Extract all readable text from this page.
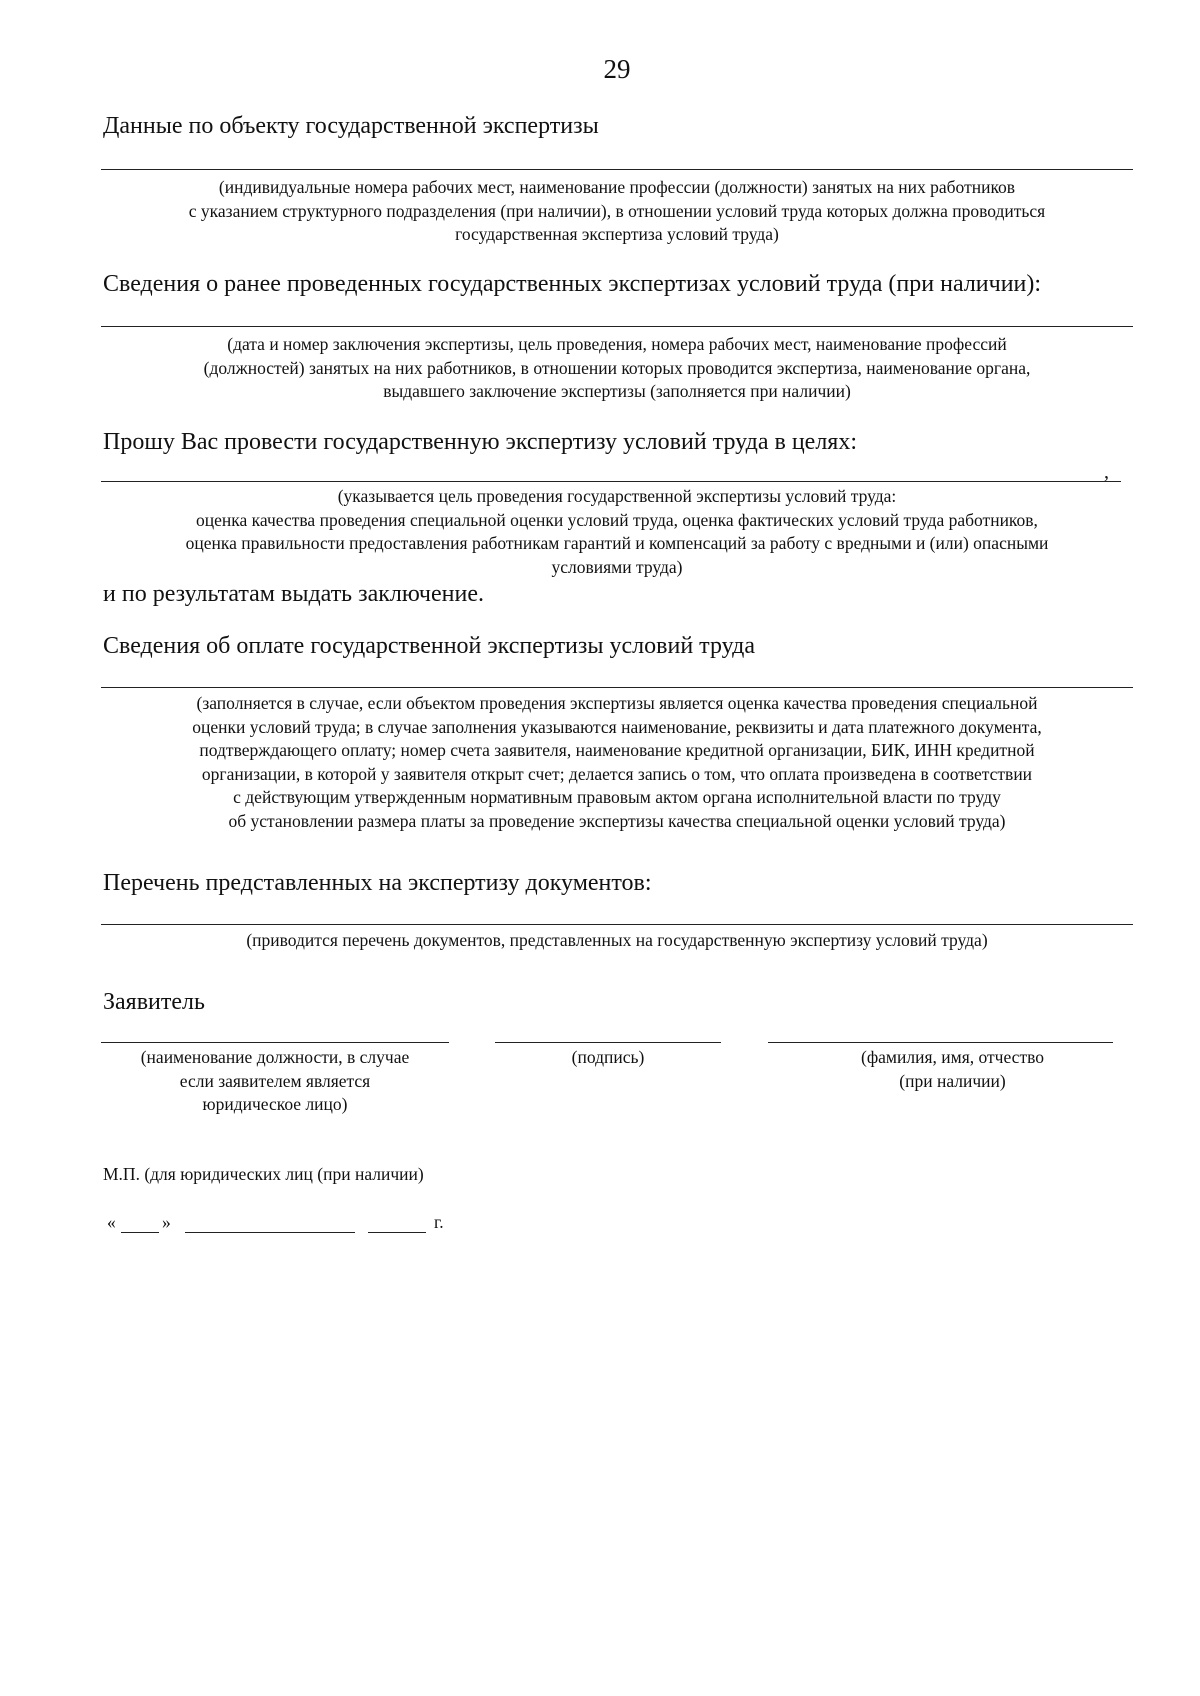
29
Данные по объекту государственной экспертизы
(индивидуальные номера рабочих мест, наименование профессии (должности) занятых на них работников
с указанием структурного подразделения (при наличии), в отношении условий труда которых должна проводиться
государственная экспертиза условий труда)
Сведения о ранее проведенных государственных экспертизах условий труда (при наличии):
(дата и номер заключения экспертизы, цель проведения, номера рабочих мест, наименование профессий
(должностей) занятых на них работников, в отношении которых проводится экспертиза, наименование органа,
выдавшего заключение экспертизы (заполняется при наличии)
Прошу Вас провести государственную экспертизу условий труда в целях:
,
(указывается цель проведения государственной экспертизы условий труда:
оценка качества проведения специальной оценки условий труда, оценка фактических условий труда работников,
оценка правильности предоставления работникам гарантий и компенсаций за работу с вредными и (или) опасными
условиями труда)
и по результатам выдать заключение.
Сведения об оплате государственной экспертизы условий труда
(заполняется в случае, если объектом проведения экспертизы является оценка качества проведения специальной
оценки условий труда; в случае заполнения указываются наименование, реквизиты и дата платежного документа,
подтверждающего оплату; номер счета заявителя, наименование кредитной организации, БИК, ИНН кредитной
организации, в которой у заявителя открыт счет; делается запись о том, что оплата произведена в соответствии
с действующим утвержденным нормативным правовым актом органа исполнительной власти по труду
об установлении размера платы за проведение экспертизы качества специальной оценки условий труда)
Перечень представленных на экспертизу документов:
(приводится перечень документов, представленных на государственную экспертизу условий труда)
Заявитель
(наименование должности, в случае
если заявителем является
юридическое лицо)
(подпись)	(фамилия, имя, отчество
(при наличии)
М.П. (для юридических лиц (при наличии)
«	»	г.
